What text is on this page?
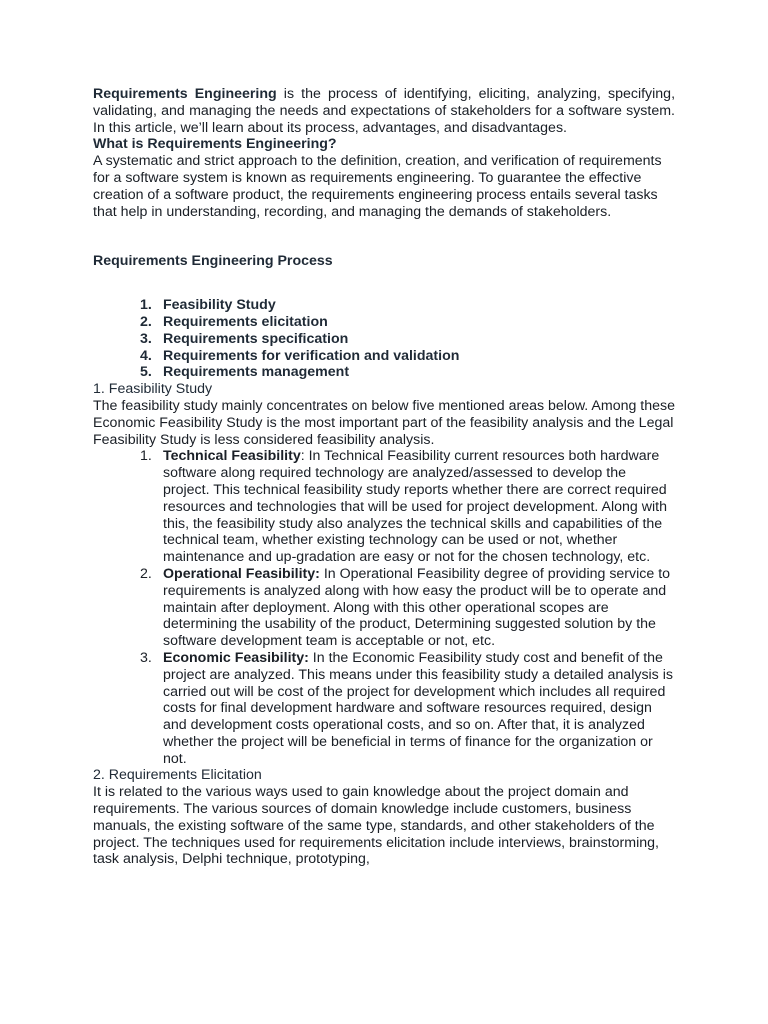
Requirements Engineering is the process of identifying, eliciting, analyzing, specifying, validating, and managing the needs and expectations of stakeholders for a software system. In this article, we’ll learn about its process, advantages, and disadvantages.

What is Requirements Engineering?

A systematic and strict approach to the definition, creation, and verification of requirements for a software system is known as requirements engineering. To guarantee the effective creation of a software product, the requirements engineering process entails several tasks that help in understanding, recording, and managing the demands of stakeholders.

Requirements Engineering Process

1. Feasibility Study
2. Requirements elicitation
3. Requirements specification
4. Requirements for verification and validation
5. Requirements management

1. Feasibility Study

The feasibility study mainly concentrates on below five mentioned areas below. Among these Economic Feasibility Study is the most important part of the feasibility analysis and the Legal Feasibility Study is less considered feasibility analysis.

1. Technical Feasibility: In Technical Feasibility current resources both hardware software along required technology are analyzed/assessed to develop the project. This technical feasibility study reports whether there are correct required resources and technologies that will be used for project development. Along with this, the feasibility study also analyzes the technical skills and capabilities of the technical team, whether existing technology can be used or not, whether maintenance and up-gradation are easy or not for the chosen technology, etc.
2. Operational Feasibility: In Operational Feasibility degree of providing service to requirements is analyzed along with how easy the product will be to operate and maintain after deployment. Along with this other operational scopes are determining the usability of the product, Determining suggested solution by the software development team is acceptable or not, etc.
3. Economic Feasibility: In the Economic Feasibility study cost and benefit of the project are analyzed. This means under this feasibility study a detailed analysis is carried out will be cost of the project for development which includes all required costs for final development hardware and software resources required, design and development costs operational costs, and so on. After that, it is analyzed whether the project will be beneficial in terms of finance for the organization or not.

2. Requirements Elicitation

It is related to the various ways used to gain knowledge about the project domain and requirements. The various sources of domain knowledge include customers, business manuals, the existing software of the same type, standards, and other stakeholders of the project. The techniques used for requirements elicitation include interviews, brainstorming, task analysis, Delphi technique, prototyping,
